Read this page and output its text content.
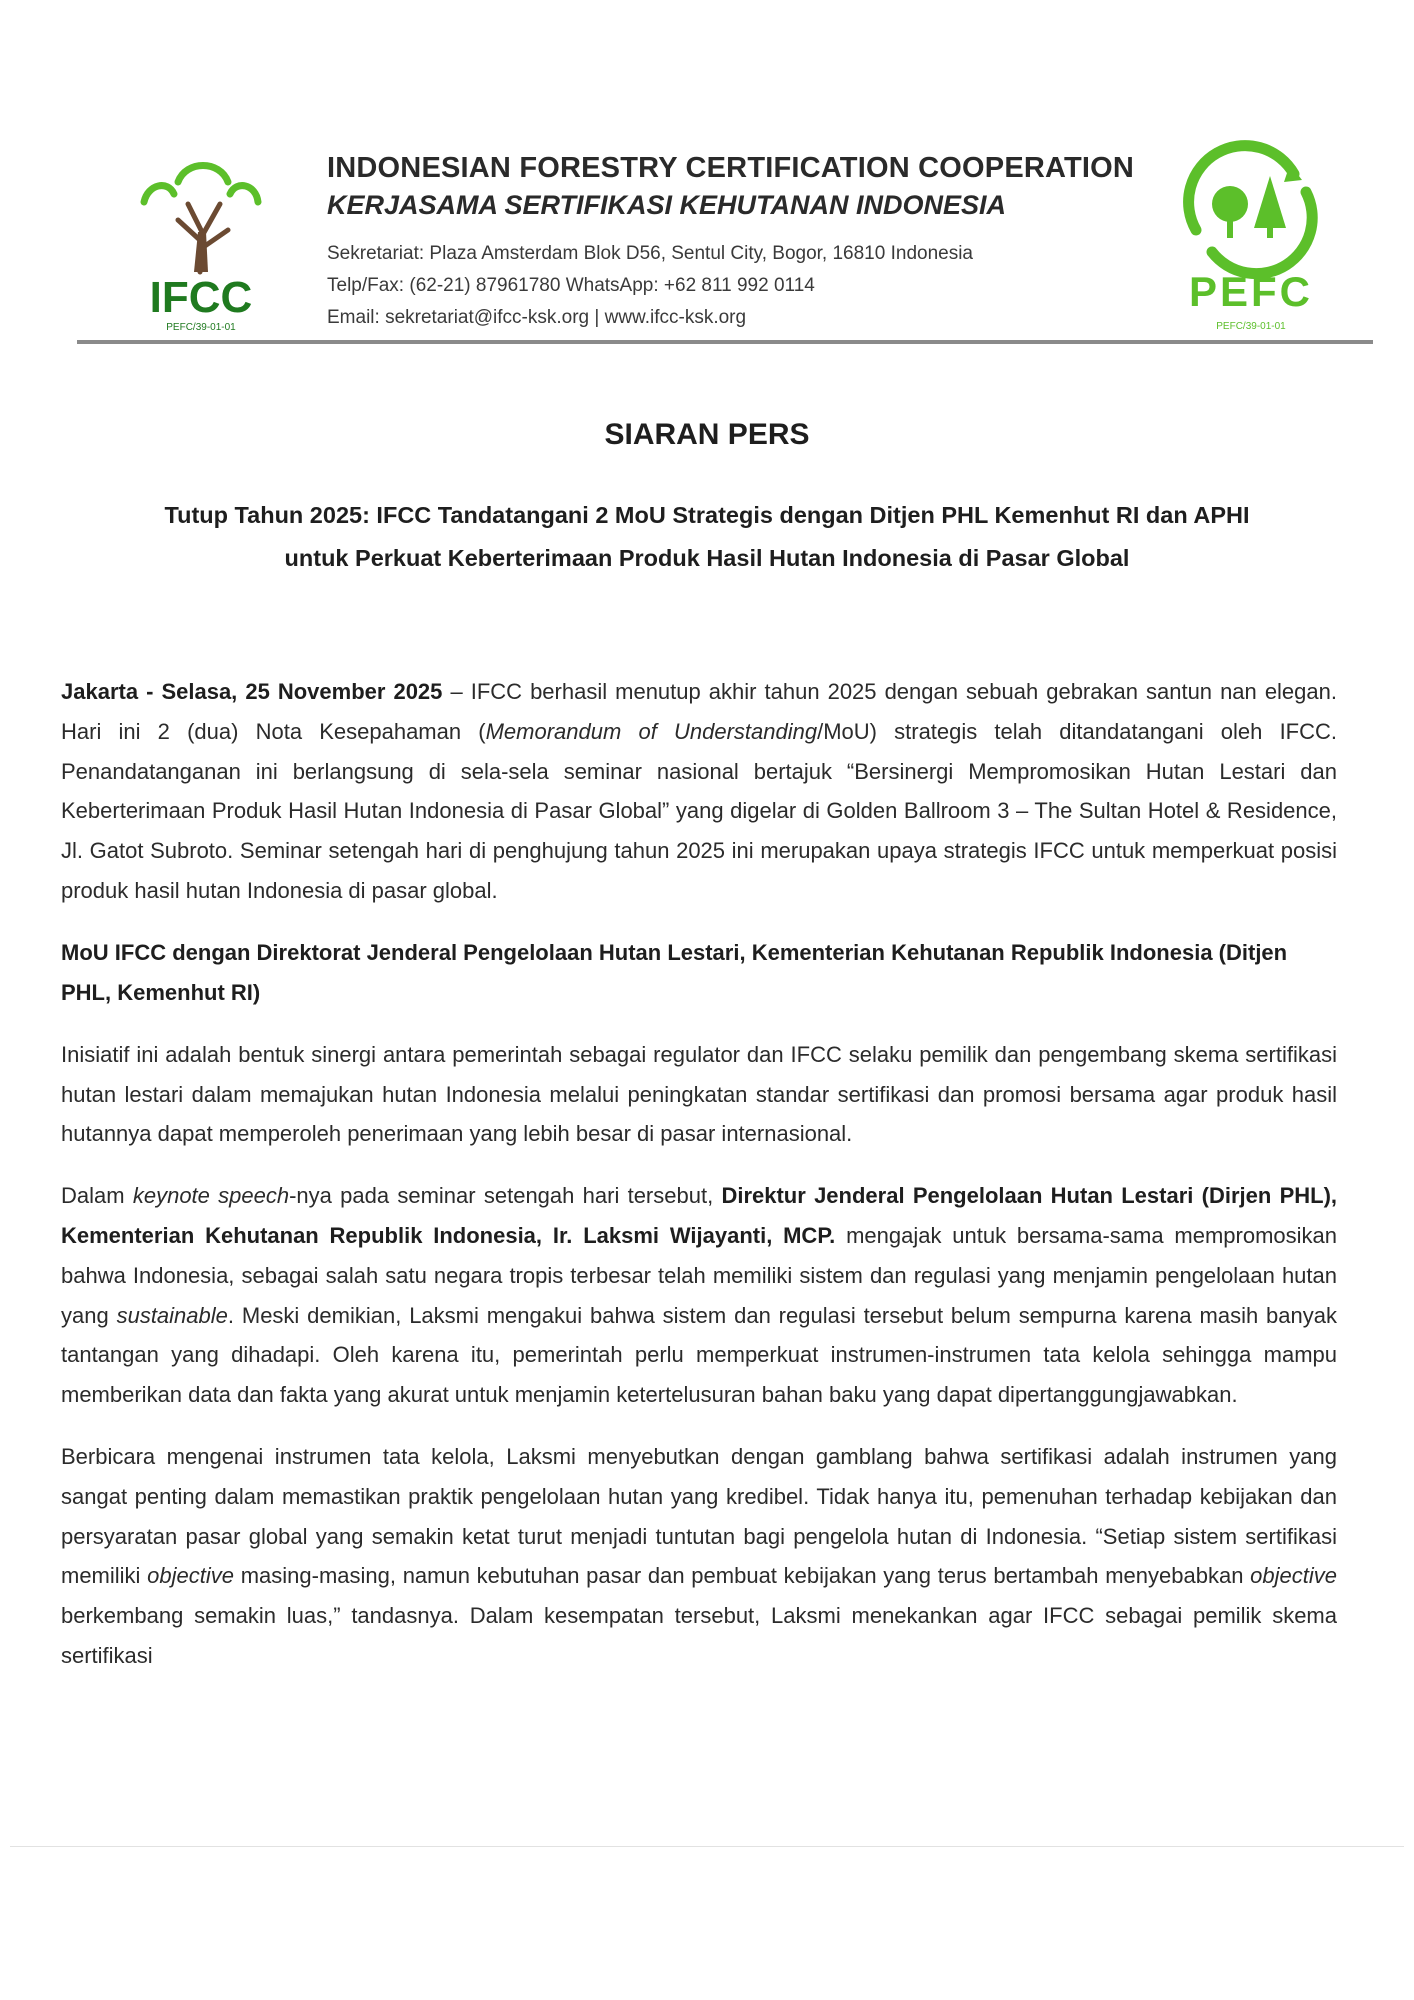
IFCC
PEFC/39-01-01
INDONESIAN FORESTRY CERTIFICATION COOPERATION
KERJASAMA SERTIFIKASI KEHUTANAN INDONESIA
Sekretariat: Plaza Amsterdam Blok D56, Sentul City, Bogor, 16810 Indonesia
Telp/Fax: (62-21) 87961780 WhatsApp: +62 811 992 0114
Email: sekretariat@ifcc-ksk.org | www.ifcc-ksk.org
PEFC
PEFC/39-01-01
SIARAN PERS
Tutup Tahun 2025: IFCC Tandatangani 2 MoU Strategis dengan Ditjen PHL Kemenhut RI dan APHI
untuk Perkuat Keberterimaan Produk Hasil Hutan Indonesia di Pasar Global

Jakarta - Selasa, 25 November 2025 – IFCC berhasil menutup akhir tahun 2025 dengan sebuah gebrakan santun nan elegan. Hari ini 2 (dua) Nota Kesepahaman (Memorandum of Understanding/MoU) strategis telah ditandatangani oleh IFCC. Penandatanganan ini berlangsung di sela-sela seminar nasional bertajuk “Bersinergi Mempromosikan Hutan Lestari dan Keberterimaan Produk Hasil Hutan Indonesia di Pasar Global” yang digelar di Golden Ballroom 3 – The Sultan Hotel & Residence, Jl. Gatot Subroto. Seminar setengah hari di penghujung tahun 2025 ini merupakan upaya strategis IFCC untuk memperkuat posisi produk hasil hutan Indonesia di pasar global.

MoU IFCC dengan Direktorat Jenderal Pengelolaan Hutan Lestari, Kementerian Kehutanan Republik Indonesia (Ditjen PHL, Kemenhut RI)

Inisiatif ini adalah bentuk sinergi antara pemerintah sebagai regulator dan IFCC selaku pemilik dan pengembang skema sertifikasi hutan lestari dalam memajukan hutan Indonesia melalui peningkatan standar sertifikasi dan promosi bersama agar produk hasil hutannya dapat memperoleh penerimaan yang lebih besar di pasar internasional.

Dalam keynote speech-nya pada seminar setengah hari tersebut, Direktur Jenderal Pengelolaan Hutan Lestari (Dirjen PHL), Kementerian Kehutanan Republik Indonesia, Ir. Laksmi Wijayanti, MCP. mengajak untuk bersama-sama mempromosikan bahwa Indonesia, sebagai salah satu negara tropis terbesar telah memiliki sistem dan regulasi yang menjamin pengelolaan hutan yang sustainable. Meski demikian, Laksmi mengakui bahwa sistem dan regulasi tersebut belum sempurna karena masih banyak tantangan yang dihadapi. Oleh karena itu, pemerintah perlu memperkuat instrumen-instrumen tata kelola sehingga mampu memberikan data dan fakta yang akurat untuk menjamin ketertelusuran bahan baku yang dapat dipertanggungjawabkan.

Berbicara mengenai instrumen tata kelola, Laksmi menyebutkan dengan gamblang bahwa sertifikasi adalah instrumen yang sangat penting dalam memastikan praktik pengelolaan hutan yang kredibel. Tidak hanya itu, pemenuhan terhadap kebijakan dan persyaratan pasar global yang semakin ketat turut menjadi tuntutan bagi pengelola hutan di Indonesia. “Setiap sistem sertifikasi memiliki objective masing-masing, namun kebutuhan pasar dan pembuat kebijakan yang terus bertambah menyebabkan objective berkembang semakin luas,” tandasnya. Dalam kesempatan tersebut, Laksmi menekankan agar IFCC sebagai pemilik skema sertifikasi
